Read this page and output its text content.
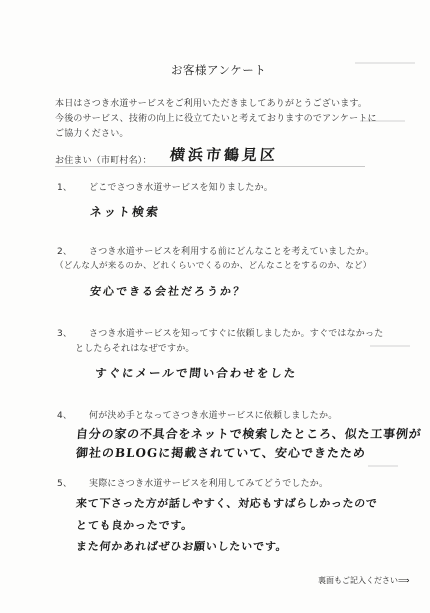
お客様アンケート
本日はさつき水道サービスをご利用いただきましてありがとうございます。
今後のサービス、技術の向上に役立てたいと考えておりますのでアンケートに
ご協力ください。
お住まい（市町村名）： 横浜市鶴見区
1、 どこでさつき水道サービスを知りましたか。
ネット検索
2、 さつき水道サービスを利用する前にどんなことを考えていましたか。
（どんな人が来るのか、どれくらいでくるのか、どんなことをするのか、など）
安心できる会社だろうか？
3、 さつき水道サービスを知ってすぐに依頼しましたか。すぐではなかった
としたらそれはなぜですか。
すぐにメールで問い合わせをした
4、 何が決め手となってさつき水道サービスに依頼しましたか。
自分の家の不具合をネットで検索したところ、似た工事例が
御社のBLOGに掲載されていて、安心できたため
5、 実際にさつき水道サービスを利用してみてどうでしたか。
来て下さった方が話しやすく、対応もすばらしかったので
とても良かったです。
また何かあればぜひお願いしたいです。
裏面もご記入ください⟹
